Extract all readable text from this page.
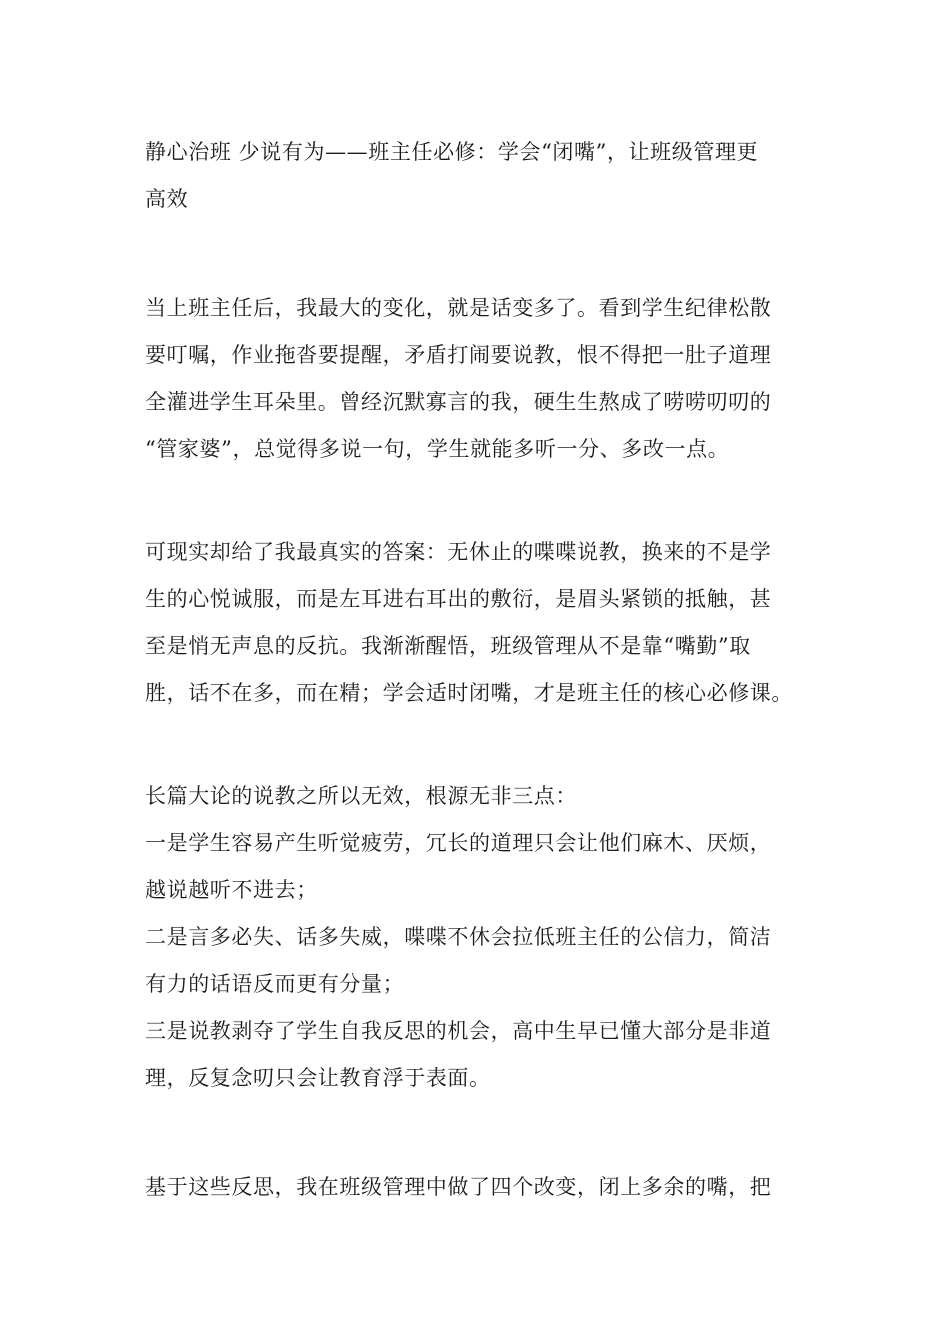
静心治班 少说有为——班主任必修：学会“闭嘴”，让班级管理更
高效
当上班主任后，我最大的变化，就是话变多了。看到学生纪律松散
要叮嘱，作业拖沓要提醒，矛盾打闹要说教，恨不得把一肚子道理
全灌进学生耳朵里。曾经沉默寡言的我，硬生生熬成了唠唠叨叨的
“管家婆”，总觉得多说一句，学生就能多听一分、多改一点。
可现实却给了我最真实的答案：无休止的喋喋说教，换来的不是学
生的心悦诚服，而是左耳进右耳出的敷衍，是眉头紧锁的抵触，甚
至是悄无声息的反抗。我渐渐醒悟，班级管理从不是靠“嘴勤”取
胜，话不在多，而在精；学会适时闭嘴，才是班主任的核心必修课。
长篇大论的说教之所以无效，根源无非三点：
一是学生容易产生听觉疲劳，冗长的道理只会让他们麻木、厌烦，
越说越听不进去；
二是言多必失、话多失威，喋喋不休会拉低班主任的公信力，简洁
有力的话语反而更有分量；
三是说教剥夺了学生自我反思的机会，高中生早已懂大部分是非道
理，反复念叨只会让教育浮于表面。
基于这些反思，我在班级管理中做了四个改变，闭上多余的嘴，把
